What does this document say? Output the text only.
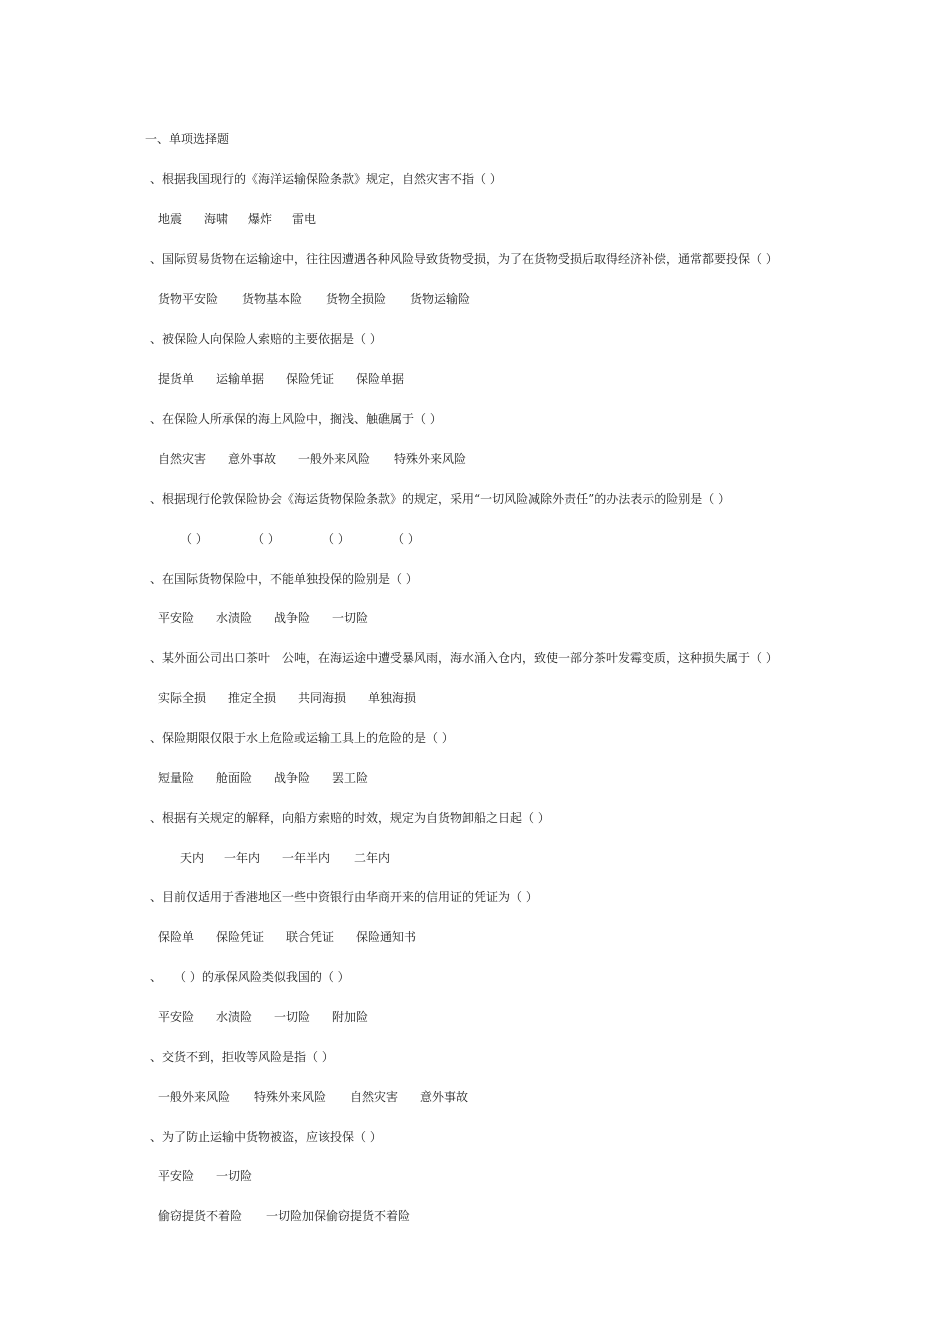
一、单项选择题
、根据我国现行的《海洋运输保险条款》规定，自然灾害不指（ ）
地震 海啸 爆炸 雷电
、国际贸易货物在运输途中，往往因遭遇各种风险导致货物受损，为了在货物受损后取得经济补偿，通常都要投保（ ）
货物平安险 货物基本险 货物全损险 货物运输险
、被保险人向保险人索赔的主要依据是（ ）
提货单 运输单据 保险凭证 保险单据
、在保险人所承保的海上风险中，搁浅、触礁属于（ ）
自然灾害 意外事故 一般外来风险 特殊外来风险
、根据现行伦敦保险协会《海运货物保险条款》的规定，采用“一切风险减除外责任”的办法表示的险别是（ ）
（ ）	（ ）	（ ）	（ ）
、在国际货物保险中，不能单独投保的险别是（ ）
平安险 水渍险 战争险 一切险
、某外面公司出口茶叶　公吨，在海运途中遭受暴风雨，海水涌入仓内，致使一部分茶叶发霉变质，这种损失属于（ ）
实际全损 推定全损 共同海损 单独海损
、保险期限仅限于水上危险或运输工具上的危险的是（ ）
短量险 舱面险 战争险 罢工险
、根据有关规定的解释，向船方索赔的时效，规定为自货物卸船之日起（ ）
天内 一年内 一年半内 二年内
、目前仅适用于香港地区一些中资银行由华商开来的信用证的凭证为（ ）
保险单 保险凭证 联合凭证 保险通知书
、　　（ ）的承保风险类似我国的（ ）
平安险 水渍险 一切险 附加险
、交货不到，拒收等风险是指（ ）
一般外来风险 特殊外来风险 自然灾害 意外事故
、为了防止运输中货物被盗，应该投保（ ）
平安险 一切险
偷窃提货不着险 一切险加保偷窃提货不着险
